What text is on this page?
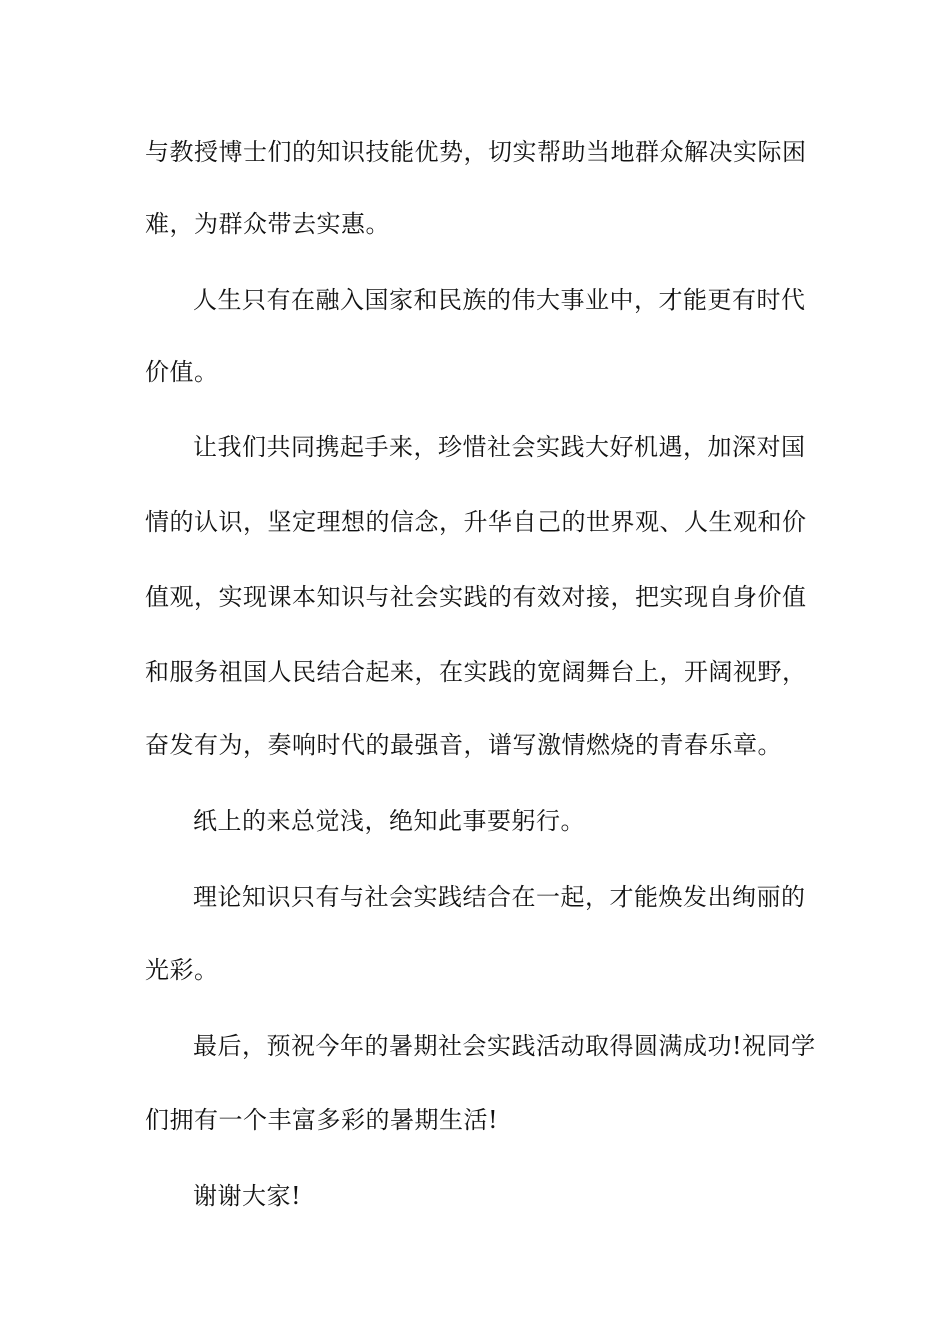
与教授博士们的知识技能优势，切实帮助当地群众解决实际困
难，为群众带去实惠。
人生只有在融入国家和民族的伟大事业中，才能更有时代
价值。
让我们共同携起手来，珍惜社会实践大好机遇，加深对国
情的认识，坚定理想的信念，升华自己的世界观、人生观和价
值观，实现课本知识与社会实践的有效对接，把实现自身价值
和服务祖国人民结合起来，在实践的宽阔舞台上，开阔视野，
奋发有为，奏响时代的最强音，谱写激情燃烧的青春乐章。
纸上的来总觉浅，绝知此事要躬行。
理论知识只有与社会实践结合在一起，才能焕发出绚丽的
光彩。
最后，预祝今年的暑期社会实践活动取得圆满成功!祝同学
们拥有一个丰富多彩的暑期生活!
谢谢大家!
